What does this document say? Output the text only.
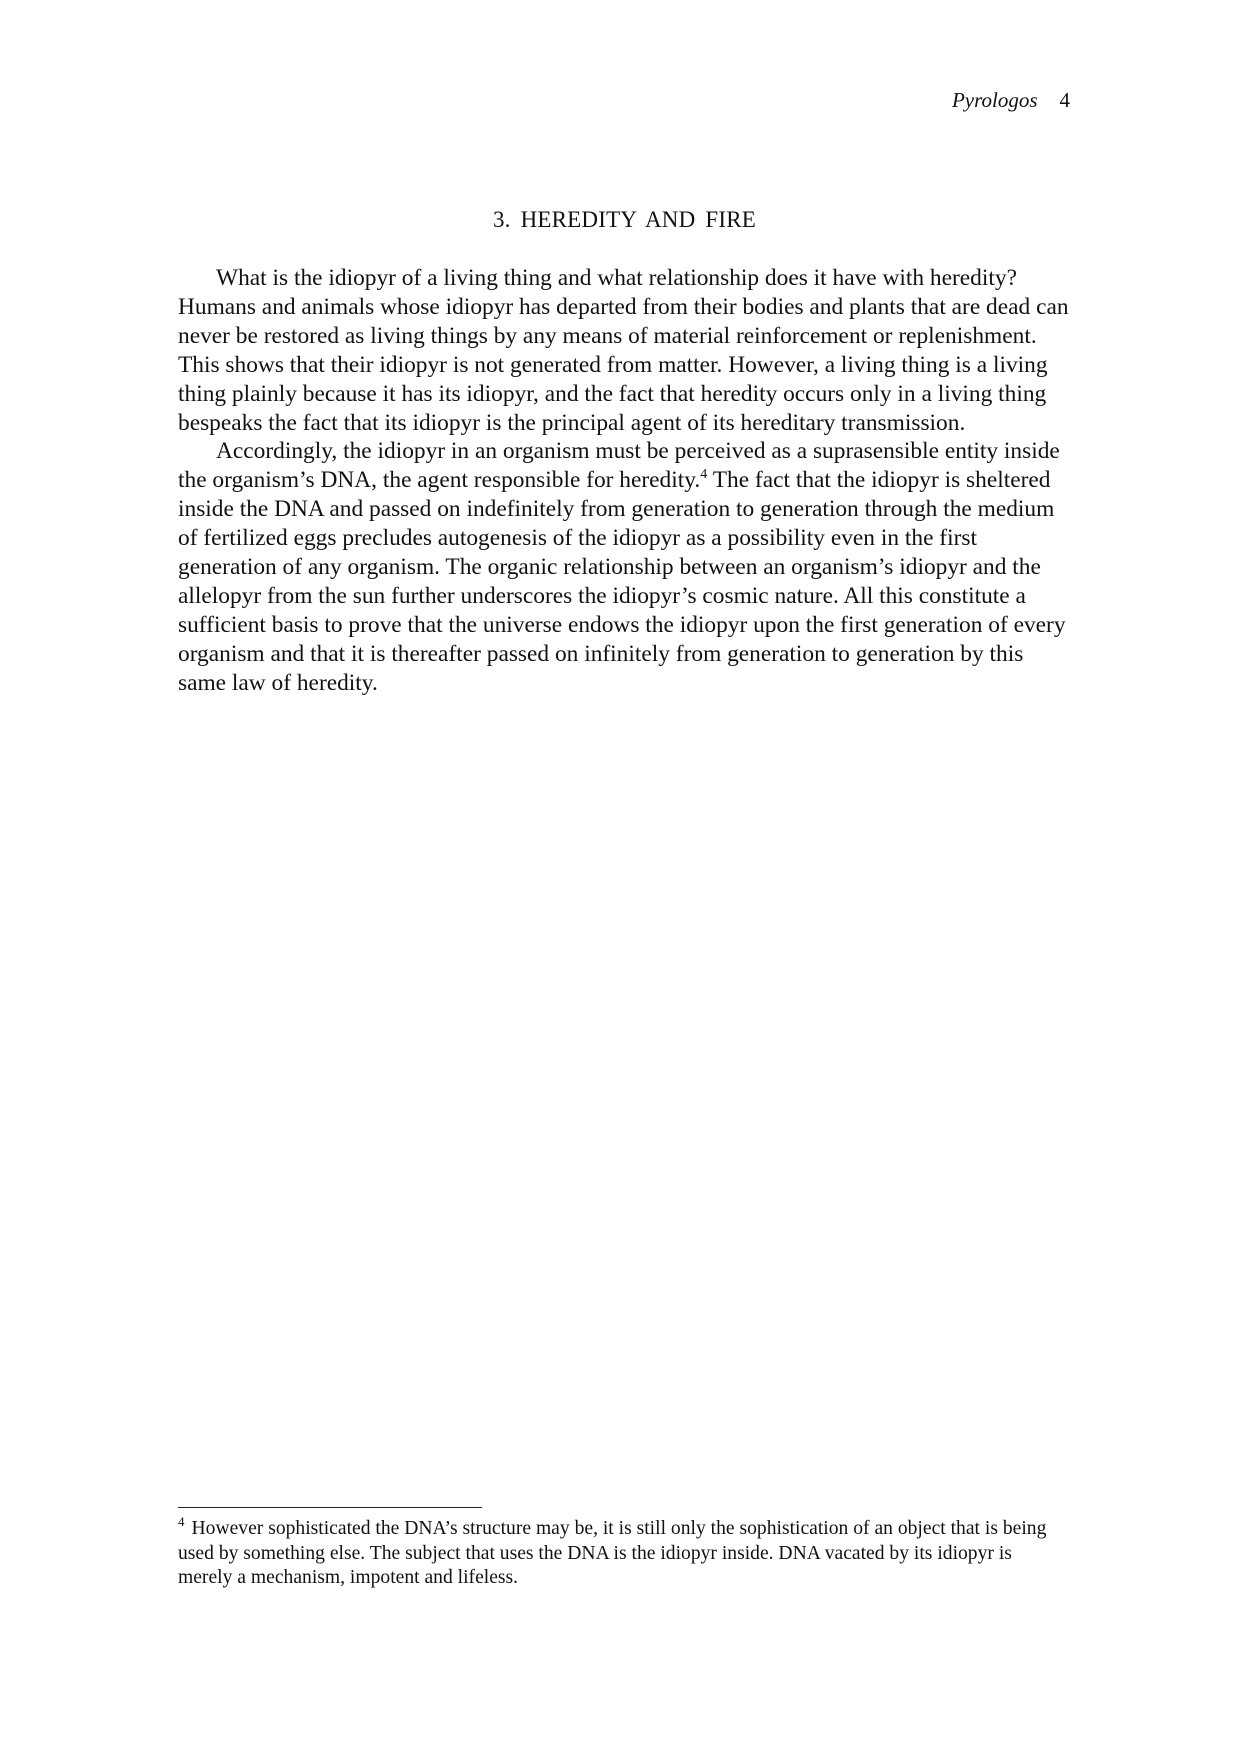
Pyrologos 4
3. HEREDITY AND FIRE

What is the idiopyr of a living thing and what relationship does it have with heredity? Humans and animals whose idiopyr has departed from their bodies and plants that are dead can never be restored as living things by any means of material reinforcement or replenishment. This shows that their idiopyr is not generated from matter. However, a living thing is a living thing plainly because it has its idiopyr, and the fact that heredity occurs only in a living thing bespeaks the fact that its idiopyr is the principal agent of its hereditary transmission.

Accordingly, the idiopyr in an organism must be perceived as a suprasensible entity inside the organism’s DNA, the agent responsible for heredity.$^4$ The fact that the idiopyr is sheltered inside the DNA and passed on indefinitely from generation to generation through the medium of fertilized eggs precludes autogenesis of the idiopyr as a possibility even in the first generation of any organism. The organic relationship between an organism’s idiopyr and the allelopyr from the sun further underscores the idiopyr’s cosmic nature. All this constitute a sufficient basis to prove that the universe endows the idiopyr upon the first generation of every organism and that it is thereafter passed on infinitely from generation to generation by this same law of heredity.

$^4$ However sophisticated the DNA’s structure may be, it is still only the sophistication of an object that is being used by something else. The subject that uses the DNA is the idiopyr inside. DNA vacated by its idiopyr is merely a mechanism, impotent and lifeless.
